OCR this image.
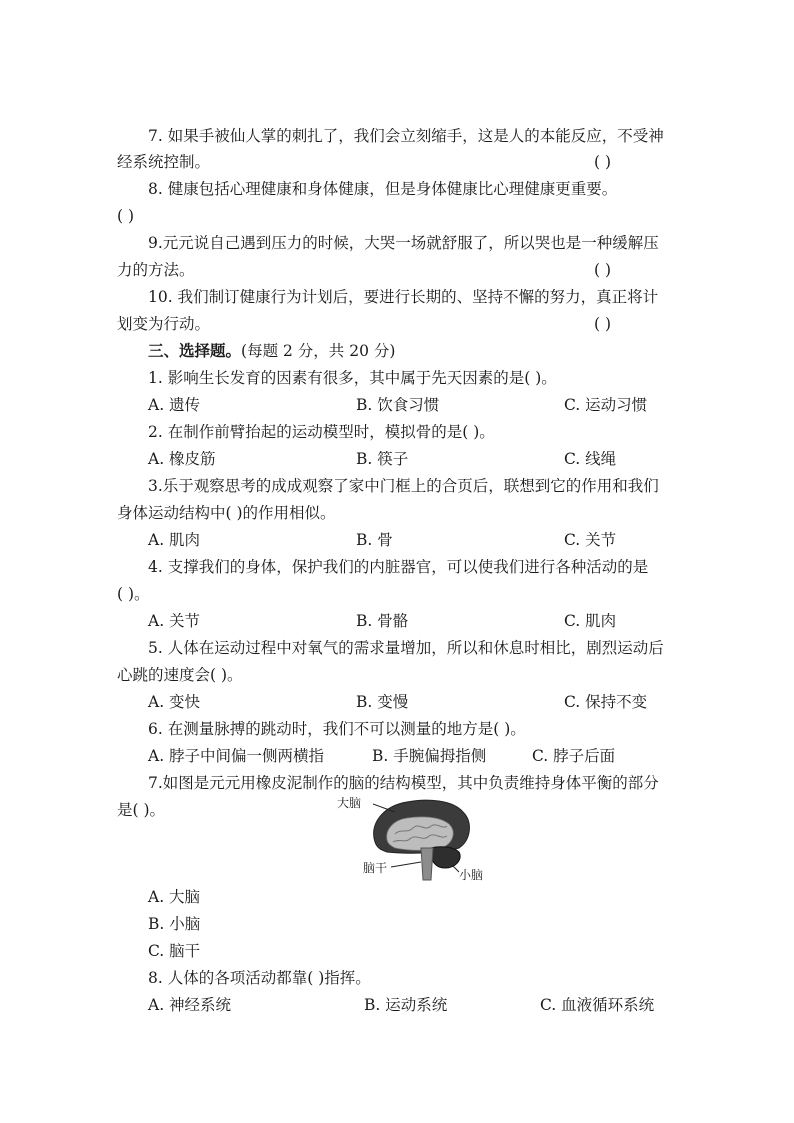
7. 如果手被仙人掌的刺扎了，我们会立刻缩手，这是人的本能反应，不受神
经系统控制。	( )
8. 健康包括心理健康和身体健康，但是身体健康比心理健康更重要。
( )
9.元元说自己遇到压力的时候，大哭一场就舒服了，所以哭也是一种缓解压
力的方法。	( )
10. 我们制订健康行为计划后，要进行长期的、坚持不懈的努力，真正将计
划变为行动。	( )
三、选择题。(每题 2 分，共 20 分)
1. 影响生长发育的因素有很多，其中属于先天因素的是( )。
A. 遗传	B. 饮食习惯	C. 运动习惯
2. 在制作前臂抬起的运动模型时，模拟骨的是( )。
A. 橡皮筋	B. 筷子	C. 线绳
3.乐于观察思考的成成观察了家中门框上的合页后，联想到它的作用和我们
身体运动结构中( )的作用相似。
A. 肌肉	B. 骨	C. 关节
4. 支撑我们的身体，保护我们的内脏器官，可以使我们进行各种活动的是
( )。
A. 关节	B. 骨骼	C. 肌肉
5. 人体在运动过程中对氧气的需求量增加，所以和休息时相比，剧烈运动后
心跳的速度会( )。
A. 变快	B. 变慢	C. 保持不变
6. 在测量脉搏的跳动时，我们不可以测量的地方是( )。
A. 脖子中间偏一侧两横指	B. 手腕偏拇指侧	C. 脖子后面
7.如图是元元用橡皮泥制作的脑的结构模型，其中负责维持身体平衡的部分
是( )。	大脑
脑干	小脑
A. 大脑
B. 小脑
C. 脑干
8. 人体的各项活动都靠( )指挥。
A. 神经系统	B. 运动系统	C. 血液循环系统
